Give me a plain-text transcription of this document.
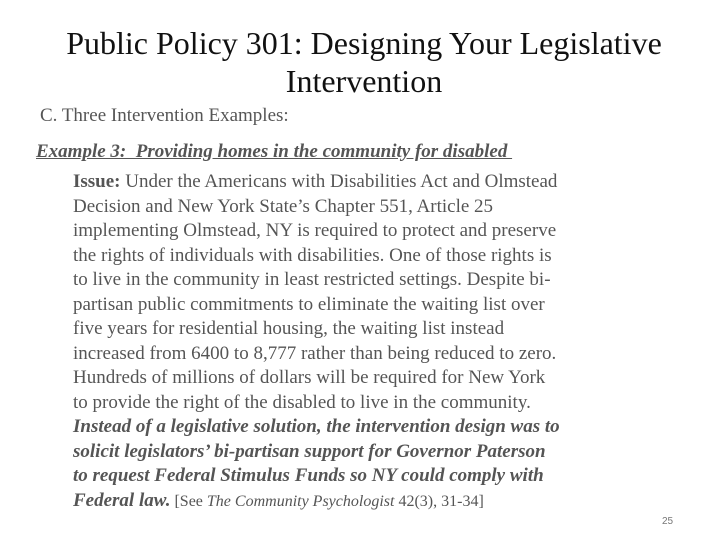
Public Policy 301: Designing Your Legislative
Intervention
C. Three Intervention Examples:
Example 3:  Providing homes in the community for disabled
Issue: Under the Americans with Disabilities Act and Olmstead
Decision and New York State’s Chapter 551, Article 25
implementing Olmstead, NY is required to protect and preserve
the rights of individuals with disabilities. One of those rights is
to live in the community in least restricted settings. Despite bi-
partisan public commitments to eliminate the waiting list over
five years for residential housing, the waiting list instead
increased from 6400 to 8,777 rather than being reduced to zero.
Hundreds of millions of dollars will be required for New York
to provide the right of the disabled to live in the community.
Instead of a legislative solution, the intervention design was to
solicit legislators’ bi-partisan support for Governor Paterson
to request Federal Stimulus Funds so NY could comply with
Federal law. [See The Community Psychologist 42(3), 31-34]
25
